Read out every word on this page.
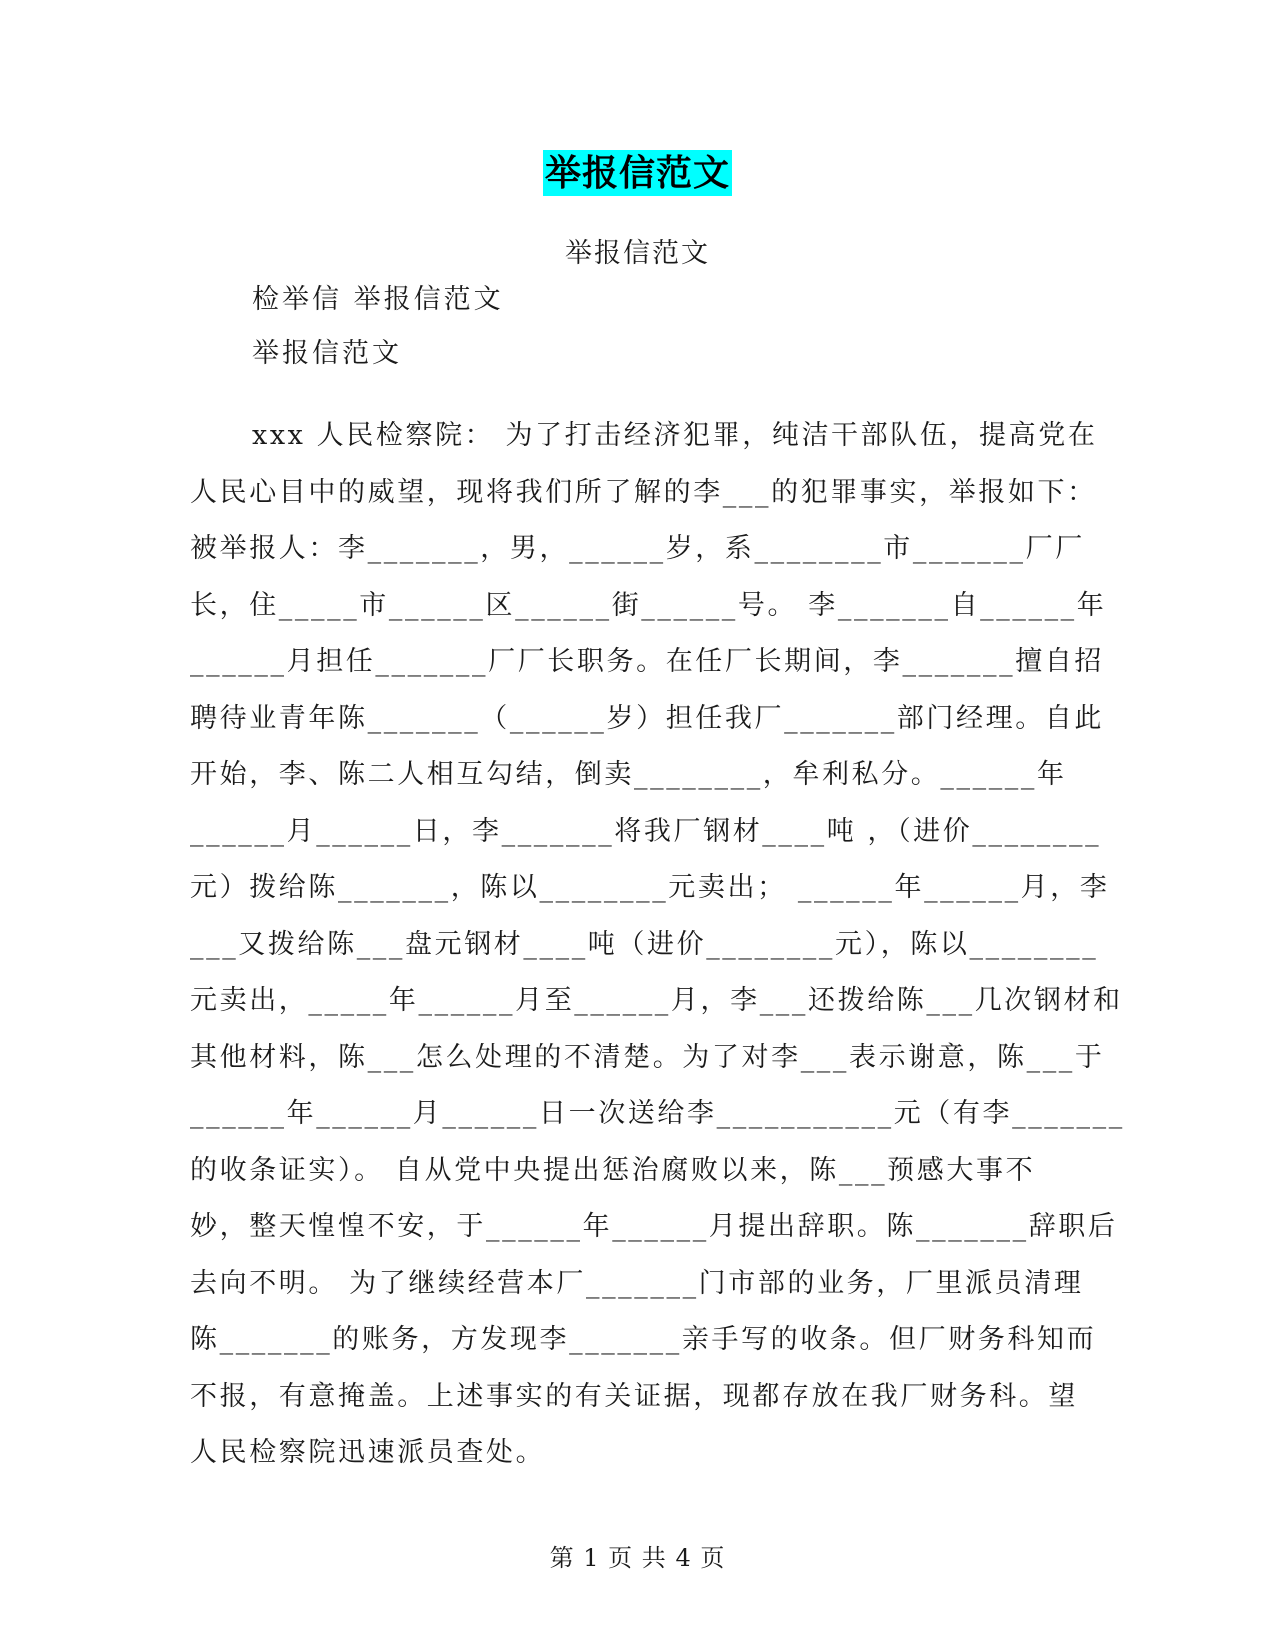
举报信范文
举报信范文
检举信 举报信范文
举报信范文
xxx 人民检察院： 为了打击经济犯罪，纯洁干部队伍，提高党在
人民心目中的威望，现将我们所了解的李___的犯罪事实，举报如下：
被举报人：李_______，男，______岁，系________市_______厂厂
长，住_____市______区______街______号。 李_______自______年
______月担任_______厂厂长职务。在任厂长期间，李_______擅自招
聘待业青年陈_______（______岁）担任我厂_______部门经理。自此
开始，李、陈二人相互勾结，倒卖________，牟利私分。______年
______月______日，李_______将我厂钢材____吨 ，（进价________
元）拨给陈_______，陈以________元卖出； ______年______月，李
___又拨给陈___盘元钢材____吨（进价________元），陈以________
元卖出，_____年______月至______月，李___还拨给陈___几次钢材和
其他材料，陈___怎么处理的不清楚。为了对李___表示谢意，陈___于
______年______月______日一次送给李___________元（有李_______
的收条证实）。 自从党中央提出惩治腐败以来，陈___预感大事不
妙，整天惶惶不安，于______年______月提出辞职。陈_______辞职后
去向不明。 为了继续经营本厂_______门市部的业务，厂里派员清理
陈_______的账务，方发现李_______亲手写的收条。但厂财务科知而
不报，有意掩盖。上述事实的有关证据，现都存放在我厂财务科。望
人民检察院迅速派员查处。
第 1 页 共 4 页
